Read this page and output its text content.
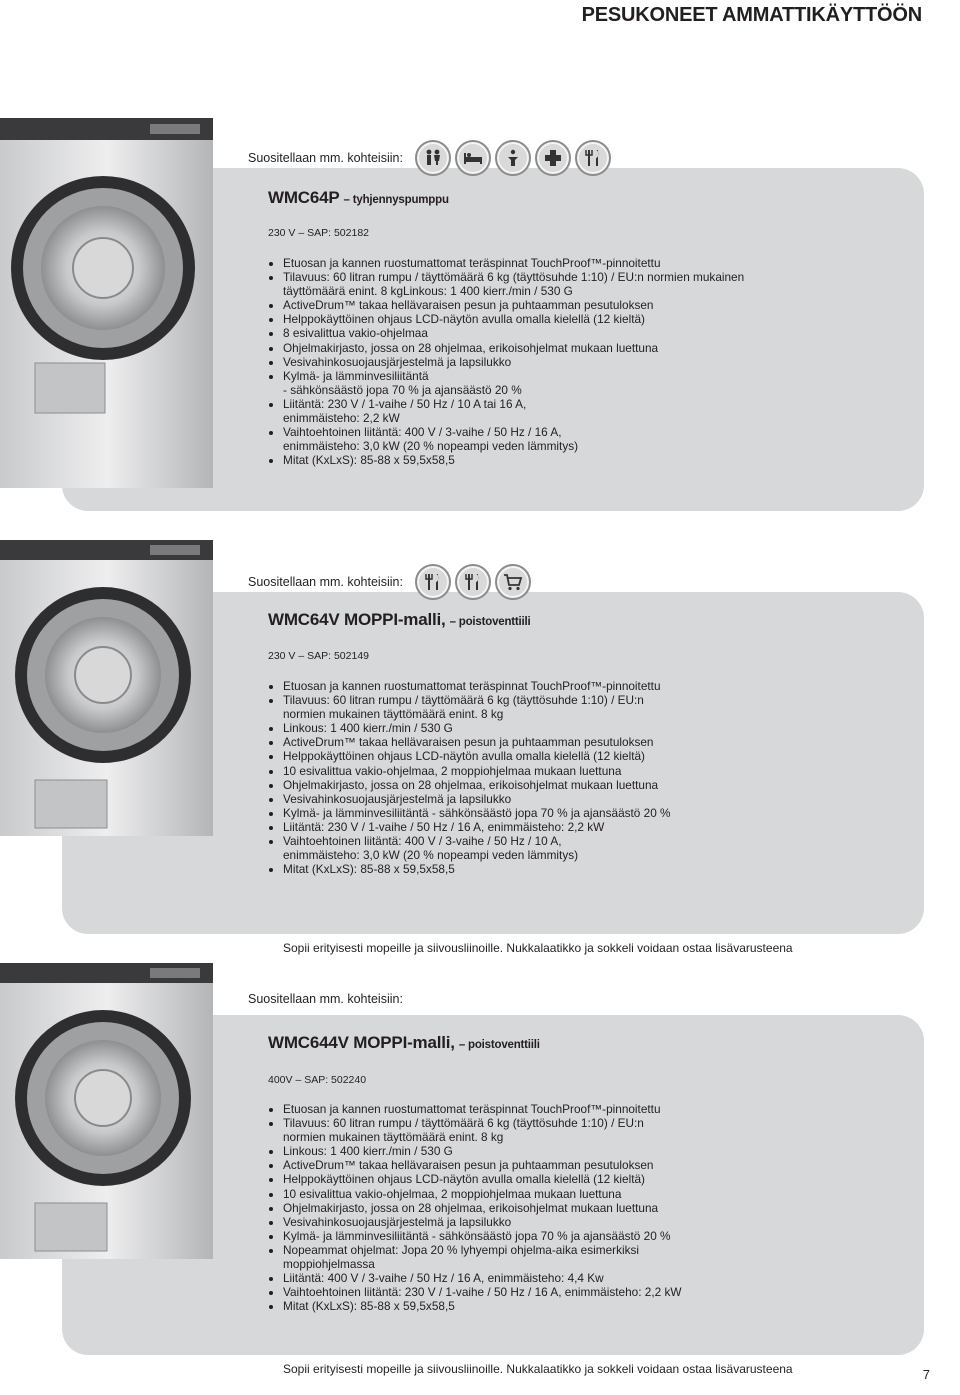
PESUKONEET AMMATTIKÄYTTÖÖN
Suositellaan mm. kohteisiin:
WMC64P – tyhjennyspumppu
230 V – SAP: 502182
• Etuosan ja kannen ruostumattomat teräspinnat TouchProof™-pinnoitettu
• Tilavuus: 60 litran rumpu / täyttömäärä 6 kg (täyttösuhde 1:10) / EU:n normien mukainen täyttömäärä enint. 8 kgLinkous: 1 400 kierr./min / 530 G
• ActiveDrum™ takaa hellävaraisen pesun ja puhtaamman pesutuloksen
• Helppokäyttöinen ohjaus LCD-näytön avulla omalla kielellä (12 kieltä)
• 8 esivalittua vakio-ohjelmaa
• Ohjelmakirjasto, jossa on 28 ohjelmaa, erikoisohjelmat mukaan luettuna
• Vesivahinkosuojausjärjestelmä ja lapsilukko
• Kylmä- ja lämminvesiliitäntä
- sähkönsäästö jopa 70 % ja ajansäästö 20 %
• Liitäntä: 230 V / 1-vaihe / 50 Hz / 10 A tai 16 A, enimmäisteho: 2,2 kW
• Vaihtoehtoinen liitäntä: 400 V / 3-vaihe / 50 Hz / 16 A, enimmäisteho: 3,0 kW (20 % nopeampi veden lämmitys)
• Mitat (KxLxS): 85-88 x 59,5x58,5
Suositellaan mm. kohteisiin:
WMC64V MOPPI-malli, – poistoventtiili
230 V – SAP: 502149
• Etuosan ja kannen ruostumattomat teräspinnat TouchProof™-pinnoitettu
• Tilavuus: 60 litran rumpu / täyttömäärä 6 kg (täyttösuhde 1:10) / EU:n normien mukainen täyttömäärä enint. 8 kg
• Linkous: 1 400 kierr./min / 530 G
• ActiveDrum™ takaa hellävaraisen pesun ja puhtaamman pesutuloksen
• Helppokäyttöinen ohjaus LCD-näytön avulla omalla kielellä (12 kieltä)
• 10 esivalittua vakio-ohjelmaa, 2 moppiohjelmaa mukaan luettuna
• Ohjelmakirjasto, jossa on 28 ohjelmaa, erikoisohjelmat mukaan luettuna
• Vesivahinkosuojausjärjestelmä ja lapsilukko
• Kylmä- ja lämminvesiliitäntä - sähkönsäästö jopa 70 % ja ajansäästö 20 %
• Liitäntä: 230 V / 1-vaihe / 50 Hz / 16 A, enimmäisteho: 2,2 kW
• Vaihtoehtoinen liitäntä: 400 V / 3-vaihe / 50 Hz / 10 A, enimmäisteho: 3,0 kW (20 % nopeampi veden lämmitys)
• Mitat (KxLxS): 85-88 x 59,5x58,5
Sopii erityisesti mopeille ja siivousliinoille. Nukkalaatikko ja sokkeli voidaan ostaa lisävarusteena
Suositellaan mm. kohteisiin:
WMC644V MOPPI-malli, – poistoventtiili
400V – SAP: 502240
• Etuosan ja kannen ruostumattomat teräspinnat TouchProof™-pinnoitettu
• Tilavuus: 60 litran rumpu / täyttömäärä 6 kg (täyttösuhde 1:10) / EU:n normien mukainen täyttömäärä enint. 8 kg
• Linkous: 1 400 kierr./min / 530 G
• ActiveDrum™ takaa hellävaraisen pesun ja puhtaamman pesutuloksen
• Helppokäyttöinen ohjaus LCD-näytön avulla omalla kielellä (12 kieltä)
• 10 esivalittua vakio-ohjelmaa, 2 moppiohjelmaa mukaan luettuna
• Ohjelmakirjasto, jossa on 28 ohjelmaa, erikoisohjelmat mukaan luettuna
• Vesivahinkosuojausjärjestelmä ja lapsilukko
• Kylmä- ja lämminvesiliitäntä - sähkönsäästö jopa 70 % ja ajansäästö 20 %
• Nopeammat ohjelmat: Jopa 20 % lyhyempi ohjelma-aika esimerkiksi moppiohjelmassa
• Liitäntä: 400 V / 3-vaihe / 50 Hz / 16 A, enimmäisteho: 4,4 Kw
• Vaihtoehtoinen liitäntä: 230 V / 1-vaihe / 50 Hz / 16 A, enimmäisteho: 2,2 kW
• Mitat (KxLxS): 85-88 x 59,5x58,5
Sopii erityisesti mopeille ja siivousliinoille. Nukkalaatikko ja sokkeli voidaan ostaa lisävarusteena	7
